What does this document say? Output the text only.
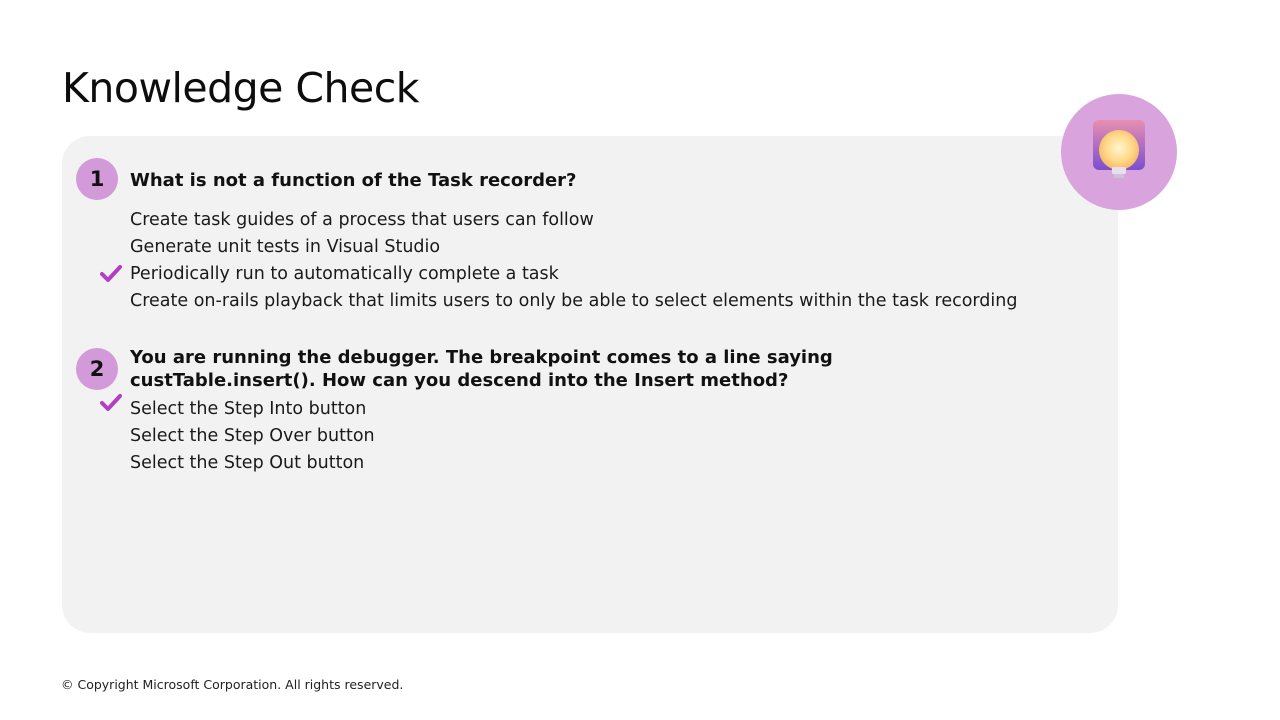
Knowledge Check
1	What is not a function of the Task recorder?

Create task guides of a process that users can follow
Generate unit tests in Visual Studio
Periodically run to automatically complete a task
Create on-rails playback that limits users to only be able to select elements within the task recording
2	You are running the debugger. The breakpoint comes to a line saying custTable.insert(). How can you descend into the Insert method?

Select the Step Into button
Select the Step Over button
Select the Step Out button

© Copyright Microsoft Corporation. All rights reserved.
